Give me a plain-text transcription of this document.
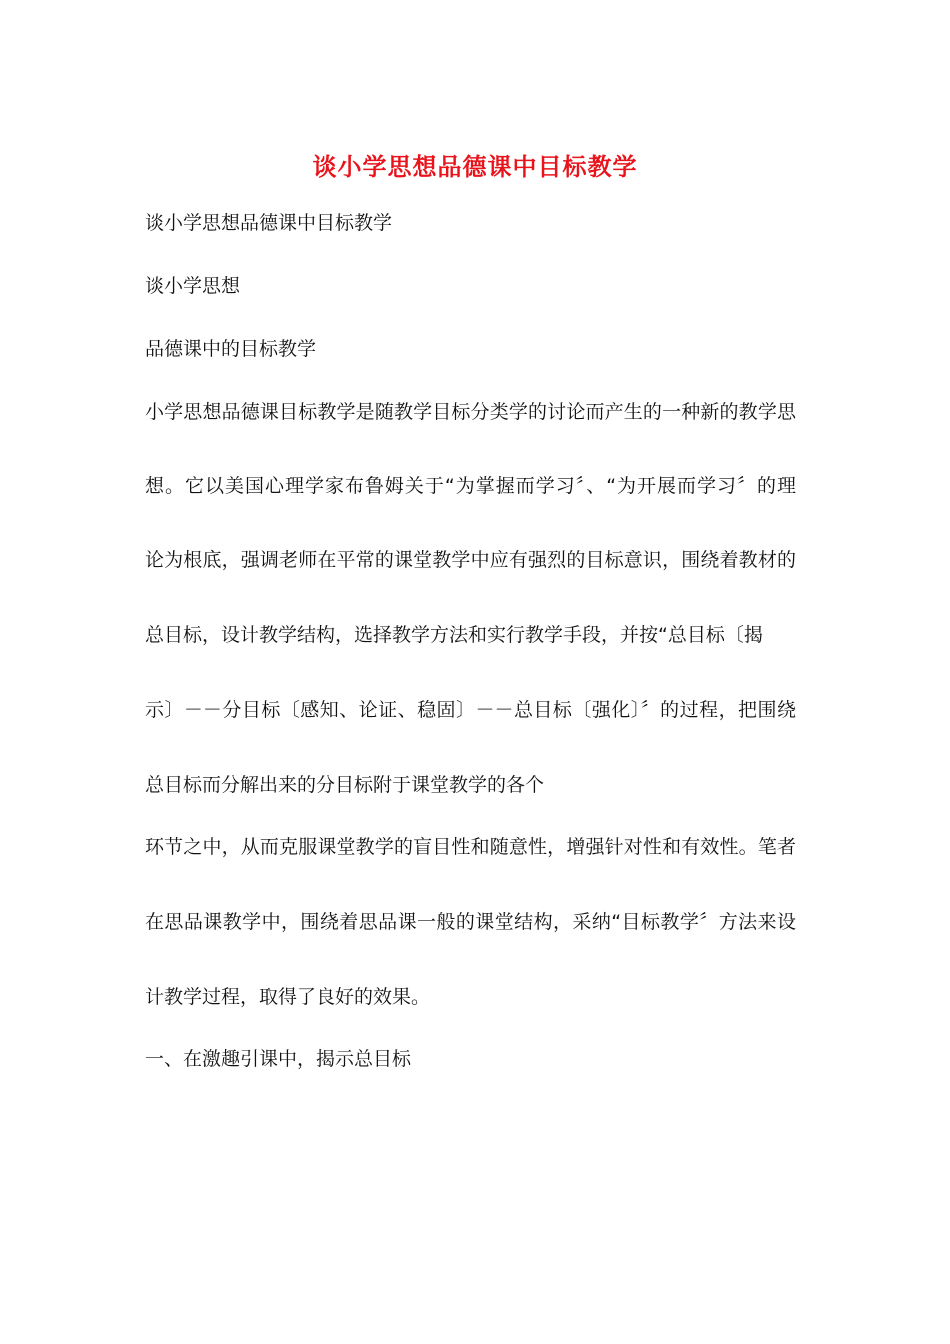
谈小学思想品德课中目标教学
谈小学思想品德课中目标教学
谈小学思想
品德课中的目标教学
小学思想品德课目标教学是随教学目标分类学的讨论而产生的一种新的教学思
想。它以美国心理学家布鲁姆关于“为掌握而学习〞、“为开展而学习〞的理
论为根底，强调老师在平常的课堂教学中应有强烈的目标意识，围绕着教材的
总目标，设计教学结构，选择教学方法和实行教学手段，并按“总目标〔揭
示〕－－分目标〔感知、论证、稳固〕－－总目标〔强化〕〞的过程，把围绕
总目标而分解出来的分目标附于课堂教学的各个
环节之中，从而克服课堂教学的盲目性和随意性，增强针对性和有效性。笔者
在思品课教学中，围绕着思品课一般的课堂结构，采纳“目标教学〞方法来设
计教学过程，取得了良好的效果。
一、在激趣引课中，揭示总目标
